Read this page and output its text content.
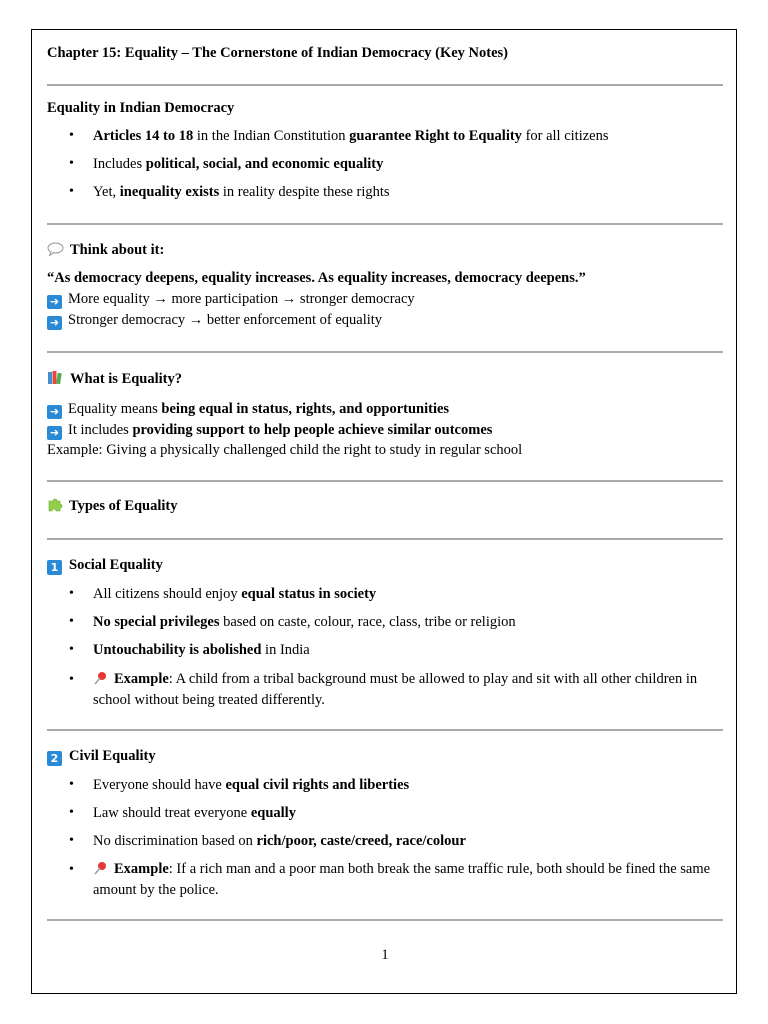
Chapter 15: Equality – The Cornerstone of Indian Democracy (Key Notes)
Equality in Indian Democracy
• Articles 14 to 18 in the Indian Constitution guarantee Right to Equality for all citizens
• Includes political, social, and economic equality
• Yet, inequality exists in reality despite these rights
Think about it:
“As democracy deepens, equality increases. As equality increases, democracy deepens.”
➜ More equality → more participation → stronger democracy
➜ Stronger democracy → better enforcement of equality
What is Equality?
➜ Equality means being equal in status, rights, and opportunities
➜ It includes providing support to help people achieve similar outcomes
Example: Giving a physically challenged child the right to study in regular school
Types of Equality
1 Social Equality
• All citizens should enjoy equal status in society
• No special privileges based on caste, colour, race, class, tribe or religion
• Untouchability is abolished in India
•	Example: A child from a tribal background must be allowed to play and sit with all other children in school without being treated differently.
2 Civil Equality
• Everyone should have equal civil rights and liberties
• Law should treat everyone equally
• No discrimination based on rich/poor, caste/creed, race/colour
•	Example: If a rich man and a poor man both break the same traffic rule, both should be fined the same amount by the police.
1
